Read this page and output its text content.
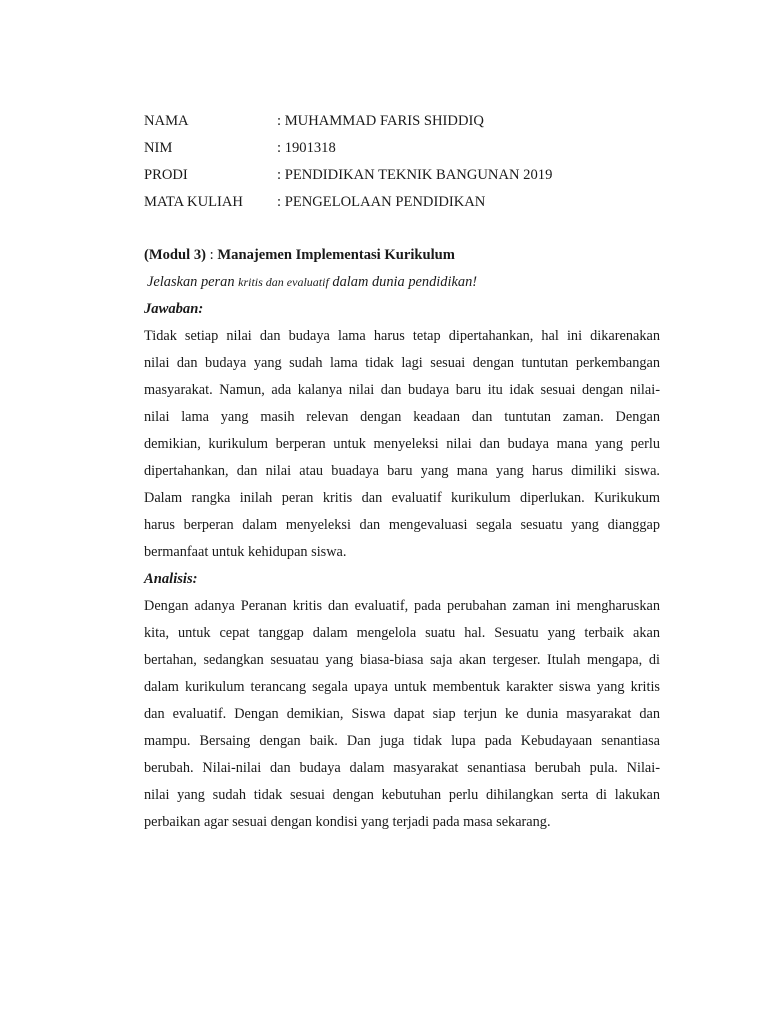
NAMA	: MUHAMMAD FARIS SHIDDIQ
NIM	: 1901318
PRODI	: PENDIDIKAN TEKNIK BANGUNAN 2019
MATA KULIAH	: PENGELOLAAN PENDIDIKAN
(Modul 3) : Manajemen Implementasi Kurikulum
Jelaskan peran kritis dan evaluatif dalam dunia pendidikan!
Jawaban:

Tidak setiap nilai dan budaya lama harus tetap dipertahankan, hal ini dikarenakan
nilai dan budaya yang sudah lama tidak lagi sesuai dengan tuntutan perkembangan
masyarakat. Namun, ada kalanya nilai dan budaya baru itu idak sesuai dengan nilai-
nilai lama yang masih relevan dengan keadaan dan tuntutan zaman. Dengan
demikian, kurikulum berperan untuk menyeleksi nilai dan budaya mana yang perlu
dipertahankan, dan nilai atau buadaya baru yang mana yang harus dimiliki siswa.
Dalam rangka inilah peran kritis dan evaluatif kurikulum diperlukan. Kurikukum
harus berperan dalam menyeleksi dan mengevaluasi segala sesuatu yang dianggap
bermanfaat untuk kehidupan siswa.

Analisis:

Dengan adanya Peranan kritis dan evaluatif, pada perubahan zaman ini mengharuskan
kita, untuk cepat tanggap dalam mengelola suatu hal. Sesuatu yang terbaik akan
bertahan, sedangkan sesuatau yang biasa-biasa saja akan tergeser. Itulah mengapa, di
dalam kurikulum terancang segala upaya untuk membentuk karakter siswa yang kritis
dan evaluatif. Dengan demikian, Siswa dapat siap terjun ke dunia masyarakat dan
mampu. Bersaing dengan baik. Dan juga tidak lupa pada Kebudayaan senantiasa
berubah. Nilai-nilai dan budaya dalam masyarakat senantiasa berubah pula. Nilai-
nilai yang sudah tidak sesuai dengan kebutuhan perlu dihilangkan serta di lakukan
perbaikan agar sesuai dengan kondisi yang terjadi pada masa sekarang.
